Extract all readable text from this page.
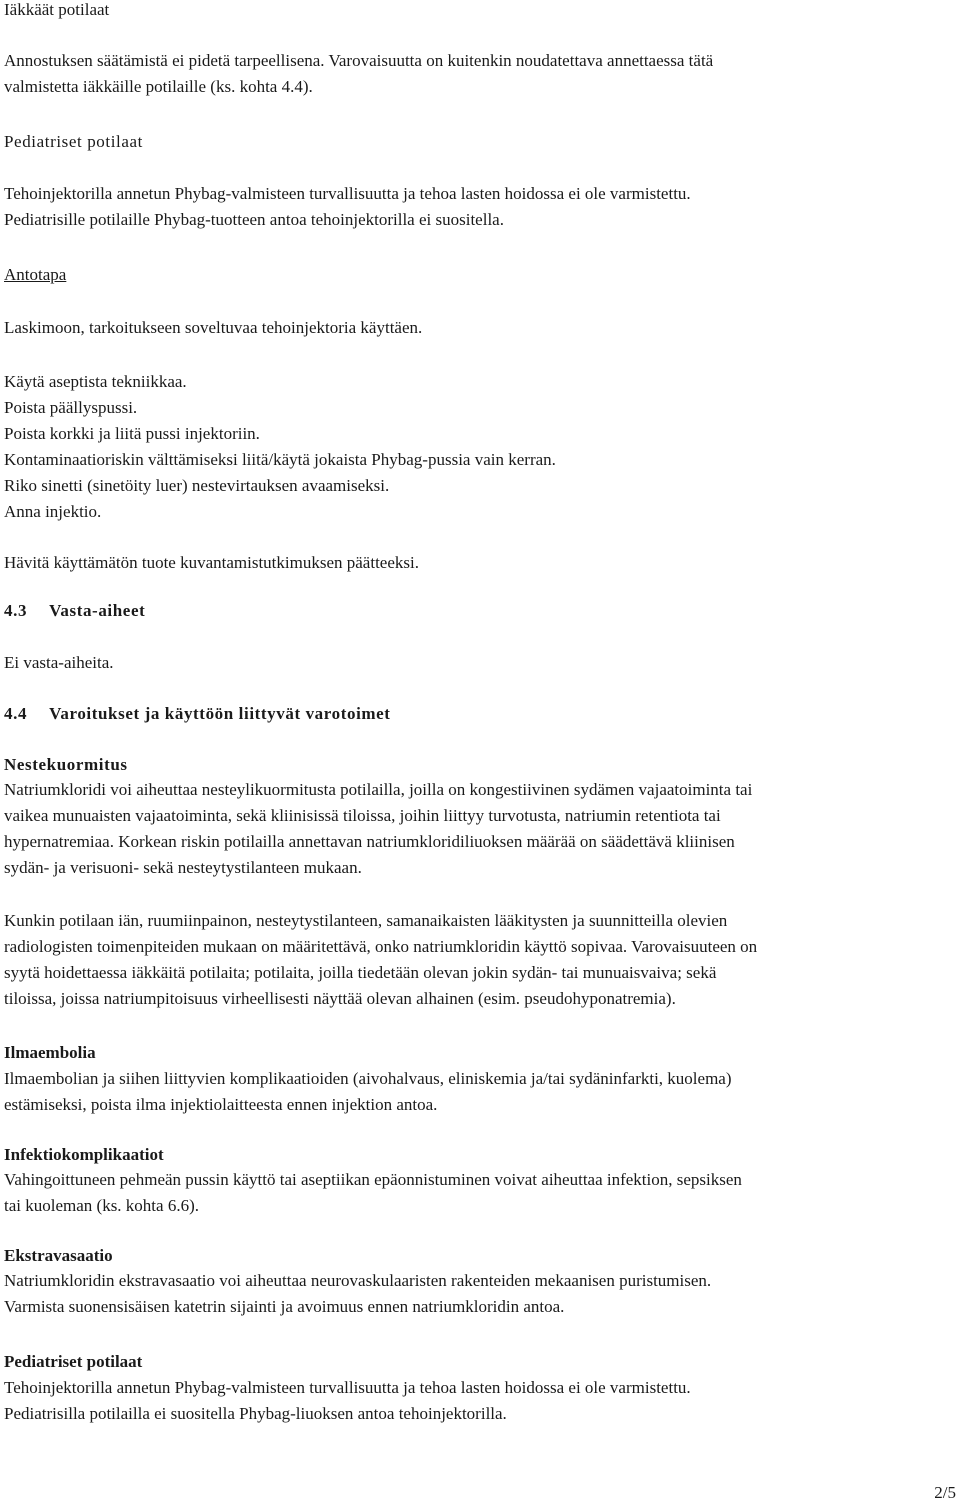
Iäkkäät potilaat
Annostuksen säätämistä ei pidetä tarpeellisena. Varovaisuutta on kuitenkin noudatettava annettaessa tätä
valmistetta iäkkäille potilaille (ks. kohta 4.4).
Pediatriset potilaat
Tehoinjektorilla annetun Phybag-valmisteen turvallisuutta ja tehoa lasten hoidossa ei ole varmistettu.
Pediatrisille potilaille Phybag-tuotteen antoa tehoinjektorilla ei suositella.
Antotapa
Laskimoon, tarkoitukseen soveltuvaa tehoinjektoria käyttäen.
Käytä aseptista tekniikkaa.
Poista päällyspussi.
Poista korkki ja liitä pussi injektoriin.
Kontaminaatioriskin välttämiseksi liitä/käytä jokaista Phybag-pussia vain kerran.
Riko sinetti (sinetöity luer) nestevirtauksen avaamiseksi.
Anna injektio.
Hävitä käyttämätön tuote kuvantamistutkimuksen päätteeksi.
4.3 Vasta-aiheet
Ei vasta-aiheita.
4.4 Varoitukset ja käyttöön liittyvät varotoimet
Nestekuormitus
Natriumkloridi voi aiheuttaa nesteylikuormitusta potilailla, joilla on kongestiivinen sydämen vajaatoiminta tai
vaikea munuaisten vajaatoiminta, sekä kliinisissä tiloissa, joihin liittyy turvotusta, natriumin retentiota tai
hypernatremiaa. Korkean riskin potilailla annettavan natriumkloridiliuoksen määrää on säädettävä kliinisen
sydän- ja verisuoni- sekä nesteytystilanteen mukaan.
Kunkin potilaan iän, ruumiinpainon, nesteytystilanteen, samanaikaisten lääkitysten ja suunnitteilla olevien
radiologisten toimenpiteiden mukaan on määritettävä, onko natriumkloridin käyttö sopivaa. Varovaisuuteen on
syytä hoidettaessa iäkkäitä potilaita; potilaita, joilla tiedetään olevan jokin sydän- tai munuaisvaiva; sekä
tiloissa, joissa natriumpitoisuus virheellisesti näyttää olevan alhainen (esim. pseudohyponatremia).
Ilmaembolia
Ilmaembolian ja siihen liittyvien komplikaatioiden (aivohalvaus, eliniskemia ja/tai sydäninfarkti, kuolema)
estämiseksi, poista ilma injektiolaitteesta ennen injektion antoa.
Infektiokomplikaatiot
Vahingoittuneen pehmeän pussin käyttö tai aseptiikan epäonnistuminen voivat aiheuttaa infektion, sepsiksen
tai kuoleman (ks. kohta 6.6).
Ekstravasaatio
Natriumkloridin ekstravasaatio voi aiheuttaa neurovaskulaaristen rakenteiden mekaanisen puristumisen.
Varmista suonensisäisen katetrin sijainti ja avoimuus ennen natriumkloridin antoa.
Pediatriset potilaat
Tehoinjektorilla annetun Phybag-valmisteen turvallisuutta ja tehoa lasten hoidossa ei ole varmistettu.
Pediatrisilla potilailla ei suositella Phybag-liuoksen antoa tehoinjektorilla.
2/5
